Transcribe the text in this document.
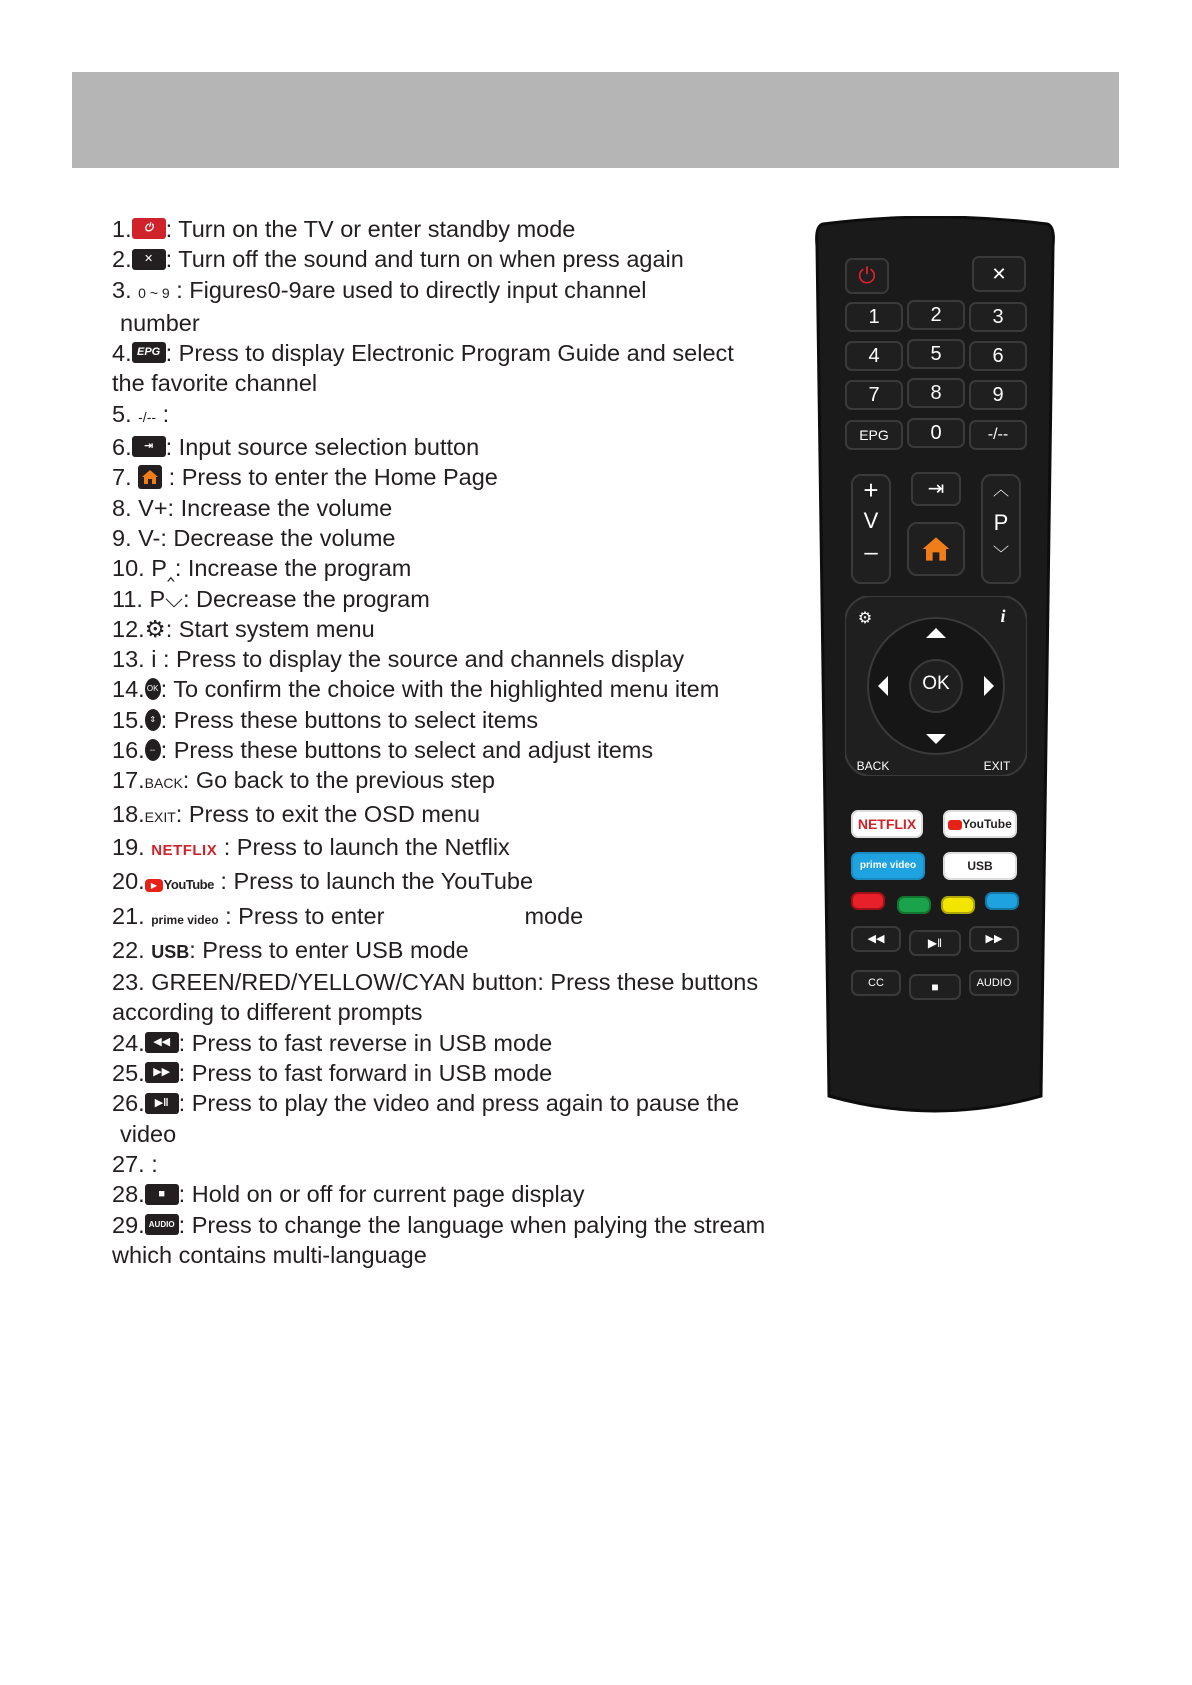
1. ⏻ : Turn on the TV or enter standby mode
2. ✕ : Turn off the sound and turn on when press again
3. 0 ~ 9 : Figures0-9are used to directly input channel
number
4. EPG : Press to display Electronic Program Guide and select
the favorite channel
5. -/-- :
6. ⇥ : Input source selection button
7.  : Press to enter the Home Page
8. V+: Increase the volume
9. V-: Decrease the volume
10. P‸: Increase the program
11. P⌵: Decrease the program
12.⚙: Start system menu
13. i : Press to display the source and channels display
14. OK: To confirm the choice with the highlighted menu item
15. ⇕ : Press these buttons to select items
16. ⇔ : Press these buttons to select and adjust items
17.BACK: Go back to the previous step
18.EXIT: Press to exit the OSD menu
19. NETFLIX : Press to launch the Netflix
20. ▶ YouTube : Press to launch the YouTube
21. prime video : Press to enter	mode
22. USB: Press to enter USB mode
23. GREEN/RED/YELLOW/CYAN button: Press these buttons
according to different prompts
24. ◀◀ : Press to fast reverse in USB mode
25. ▶▶ : Press to fast forward in USB mode
26. ▶‖ : Press to play the video and press again to pause the
video
27. :
28. ■ : Hold on or off for current page display
29. AUDIO : Press to change the language when palying the stream
which contains multi-language
⏻	✕
1	2	3
4	5	6
7	8	9
EPG	0	-/--
+
V
–
⇥	︿
P
﹀
OK
⚙	i
BACK	EXIT
NETFLIX	YouTube
prime video	USB
◀◀	▶‖	▶▶
CC	■	AUDIO
